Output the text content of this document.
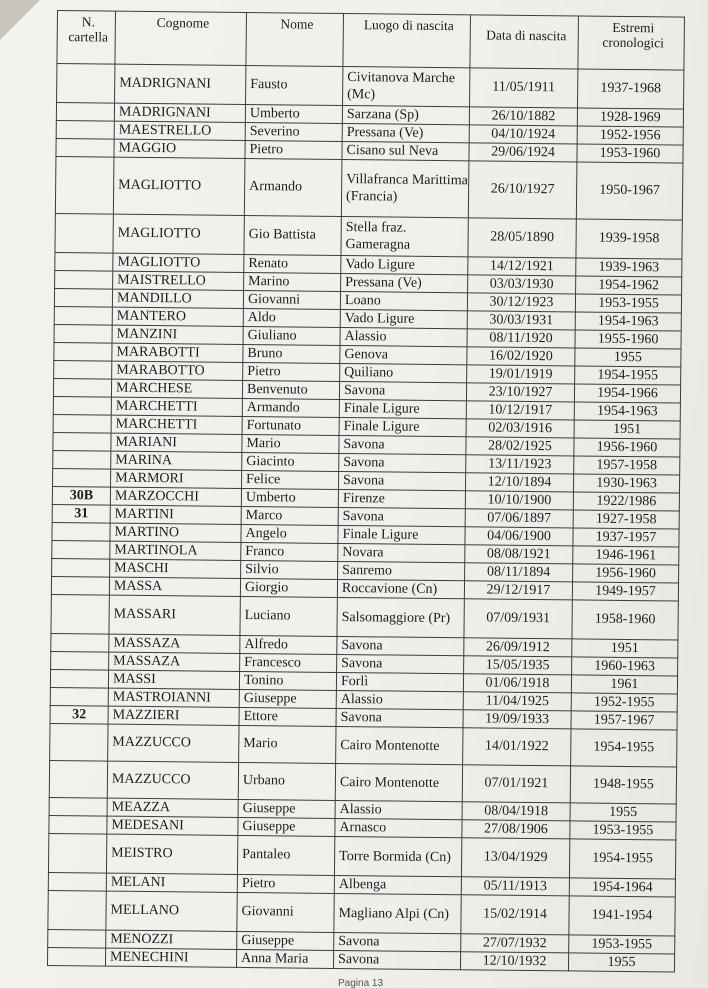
N. cartella	Cognome	Nome	Luogo di nascita	Data di nascita	Estremi cronologici
	MADRIGNANI	Fausto	Civitanova Marche (Mc)	11/05/1911	1937-1968
	MADRIGNANI	Umberto	Sarzana (Sp)	26/10/1882	1928-1969
	MAESTRELLO	Severino	Pressana (Ve)	04/10/1924	1952-1956
	MAGGIO	Pietro	Cisano sul Neva	29/06/1924	1953-1960
	MAGLIOTTO	Armando	Villafranca Marittima (Francia)	26/10/1927	1950-1967
	MAGLIOTTO	Gio Battista	Stella fraz. Gameragna	28/05/1890	1939-1958
	MAGLIOTTO	Renato	Vado Ligure	14/12/1921	1939-1963
	MAISTRELLO	Marino	Pressana (Ve)	03/03/1930	1954-1962
	MANDILLO	Giovanni	Loano	30/12/1923	1953-1955
	MANTERO	Aldo	Vado Ligure	30/03/1931	1954-1963
	MANZINI	Giuliano	Alassio	08/11/1920	1955-1960
	MARABOTTI	Bruno	Genova	16/02/1920	1955
	MARABOTTO	Pietro	Quiliano	19/01/1919	1954-1955
	MARCHESE	Benvenuto	Savona	23/10/1927	1954-1966
	MARCHETTI	Armando	Finale Ligure	10/12/1917	1954-1963
	MARCHETTI	Fortunato	Finale Ligure	02/03/1916	1951
	MARIANI	Mario	Savona	28/02/1925	1956-1960
	MARINA	Giacinto	Savona	13/11/1923	1957-1958
	MARMORI	Felice	Savona	12/10/1894	1930-1963
30B	MARZOCCHI	Umberto	Firenze	10/10/1900	1922/1986
31	MARTINI	Marco	Savona	07/06/1897	1927-1958
	MARTINO	Angelo	Finale Ligure	04/06/1900	1937-1957
	MARTINOLA	Franco	Novara	08/08/1921	1946-1961
	MASCHI	Silvio	Sanremo	08/11/1894	1956-1960
	MASSA	Giorgio	Roccavione (Cn)	29/12/1917	1949-1957
	MASSARI	Luciano	Salsomaggiore (Pr)	07/09/1931	1958-1960
	MASSAZA	Alfredo	Savona	26/09/1912	1951
	MASSAZA	Francesco	Savona	15/05/1935	1960-1963
	MASSI	Tonino	Forlì	01/06/1918	1961
	MASTROIANNI	Giuseppe	Alassio	11/04/1925	1952-1955
32	MAZZIERI	Ettore	Savona	19/09/1933	1957-1967
	MAZZUCCO	Mario	Cairo Montenotte	14/01/1922	1954-1955
	MAZZUCCO	Urbano	Cairo Montenotte	07/01/1921	1948-1955
	MEAZZA	Giuseppe	Alassio	08/04/1918	1955
	MEDESANI	Giuseppe	Arnasco	27/08/1906	1953-1955
	MEISTRO	Pantaleo	Torre Bormida (Cn)	13/04/1929	1954-1955
	MELANI	Pietro	Albenga	05/11/1913	1954-1964
	MELLANO	Giovanni	Magliano Alpi (Cn)	15/02/1914	1941-1954
	MENOZZI	Giuseppe	Savona	27/07/1932	1953-1955
	MENECHINI	Anna Maria	Savona	12/10/1932	1955
Pagina 13
